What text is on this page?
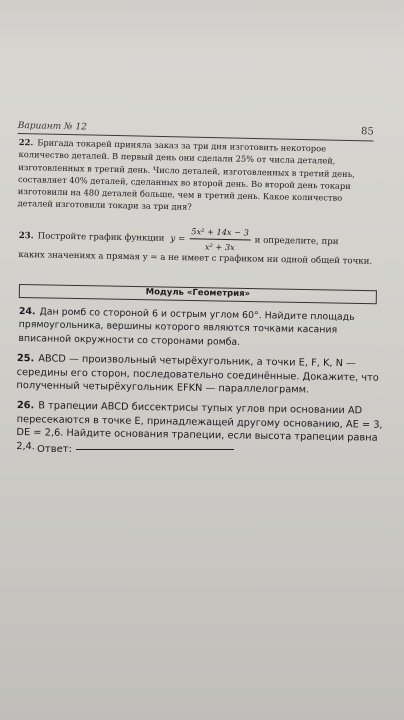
Вариант № 12	85
22. Бригада токарей приняла заказ за три дня изготовить некоторое количество деталей. В первый день они сделали 25% от числа деталей, изготовленных в третий день. Число деталей, изготовленных в третий день, составляет 40% деталей, сделанных во второй день. Во второй день токари изготовили на 480 деталей больше, чем в третий день. Какое количество деталей изготовили токари за три дня?
23. Постройте график функции $y = \frac{\text{5x² + 14x − 3}}{\text{x² + 3x}}$ и определите, при
каких значениях a прямая y = a не имеет с графиком ни одной общей точки.
Модуль «Геометрия»
24. Дан ромб со стороной 6 и острым углом 60°. Найдите площадь прямоугольника, вершины которого являются точками касания вписанной окружности со сторонами ромба.
25. ABCD — произвольный четырёхугольник, а точки E, F, K, N — середины его сторон, последовательно соединённые. Докажите, что полученный четырёхугольник EFKN — параллелограмм.
26. В трапеции ABCD биссектрисы тупых углов при основании AD пересекаются в точке E, принадлежащей другому основанию, AE = 3, DE = 2,6. Найдите основания трапеции, если высота трапеции равна 2,4. Ответ:
